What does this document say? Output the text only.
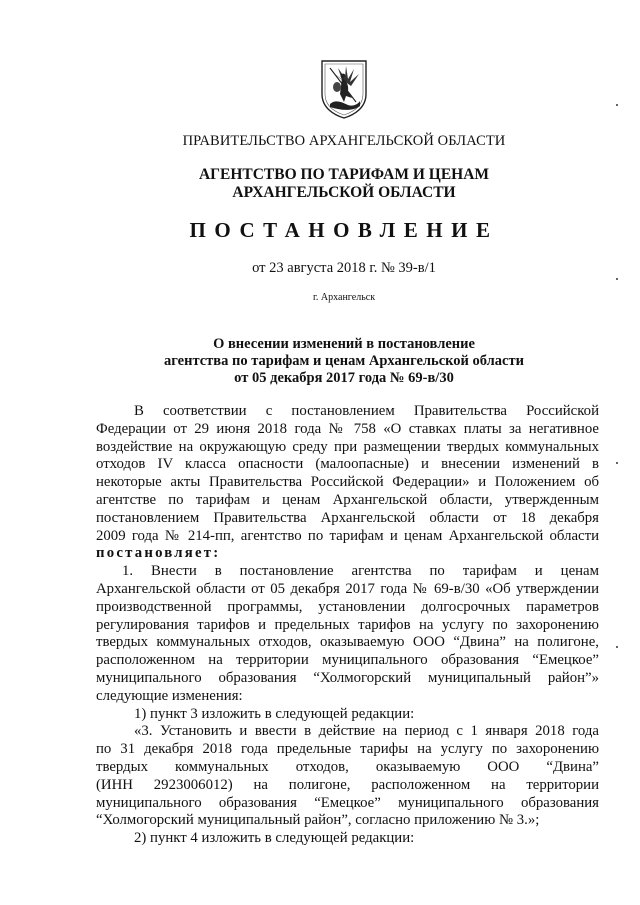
ПРАВИТЕЛЬСТВО АРХАНГЕЛЬСКОЙ ОБЛАСТИ
АГЕНТСТВО ПО ТАРИФАМ И ЦЕНАМ
АРХАНГЕЛЬСКОЙ ОБЛАСТИ
ПОСТАНОВЛЕНИЕ
от 23 августа 2018 г. № 39-в/1
г. Архангельск
О внесении изменений в постановление
агентства по тарифам и ценам Архангельской области
от 05 декабря 2017 года № 69-в/30

В соответствии с постановлением Правительства Российской

Федерации от 29 июня 2018 года № 758 «О ставках платы за негативное

воздействие на окружающую среду при размещении твердых коммунальных

отходов IV класса опасности (малоопасные) и внесении изменений в

некоторые акты Правительства Российской Федерации» и Положением об

агентстве по тарифам и ценам Архангельской области, утвержденным

постановлением Правительства Архангельской области от 18 декабря

2009 года № 214-пп, агентство по тарифам и ценам Архангельской области

постановляет:

1. Внести в постановление агентства по тарифам и ценам

Архангельской области от 05 декабря 2017 года № 69-в/30 «Об утверждении

производственной программы, установлении долгосрочных параметров

регулирования тарифов и предельных тарифов на услугу по захоронению

твердых коммунальных отходов, оказываемую ООО “Двина” на полигоне,

расположенном на территории муниципального образования “Емецкое”

муниципального образования “Холмогорский муниципальный район”»

следующие изменения:

1) пункт 3 изложить в следующей редакции:

«3. Установить и ввести в действие на период с 1 января 2018 года

по 31 декабря 2018 года предельные тарифы на услугу по захоронению

твердых коммунальных отходов, оказываемую ООО “Двина”

(ИНН 2923006012) на полигоне, расположенном на территории

муниципального образования “Емецкое” муниципального образования

“Холмогорский муниципальный район”, согласно приложению № 3.»;

2) пункт 4 изложить в следующей редакции:
